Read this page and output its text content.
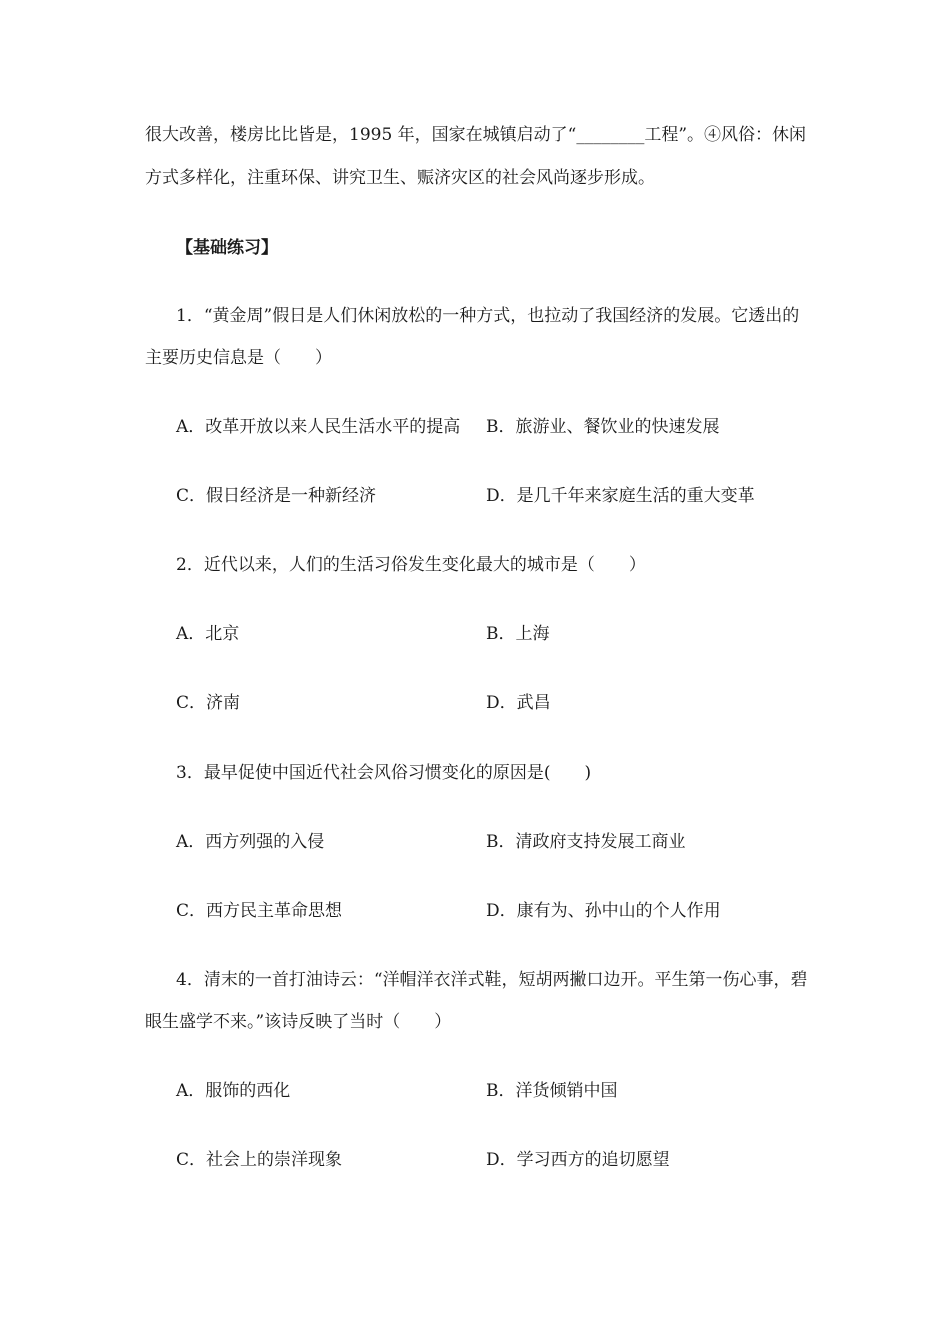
很大改善，楼房比比皆是，1995 年，国家在城镇启动了“________工程”。④风俗：休闲
方式多样化，注重环保、讲究卫生、赈济灾区的社会风尚逐步形成。
【基础练习】
1．“黄金周”假日是人们休闲放松的一种方式，也拉动了我国经济的发展。它透出的
主要历史信息是（　　）
A．改革开放以来人民生活水平的提高 B．旅游业、餐饮业的快速发展
C．假日经济是一种新经济	D．是几千年来家庭生活的重大变革
2．近代以来，人们的生活习俗发生变化最大的城市是（　　）
A．北京	B．上海
C．济南	D．武昌
3．最早促使中国近代社会风俗习惯变化的原因是(　　)
A．西方列强的入侵	B．清政府支持发展工商业
C．西方民主革命思想	D．康有为、孙中山的个人作用
4．清末的一首打油诗云：“洋帽洋衣洋式鞋，短胡两撇口边开。平生第一伤心事，碧
眼生盛学不来。”该诗反映了当时（　　）
A．服饰的西化	B．洋货倾销中国
C．社会上的崇洋现象	D．学习西方的追切愿望
